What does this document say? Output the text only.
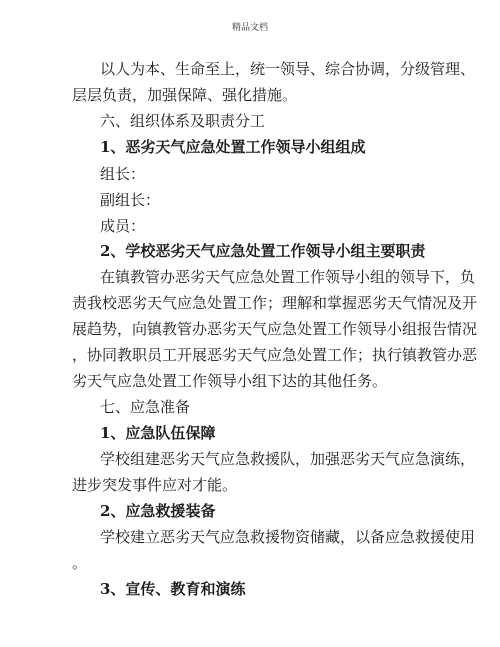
精品文档
以人为本、生命至上，统一领导、综合协调，分级管理、
层层负责，加强保障、强化措施。
六、组织体系及职责分工
1、恶劣天气应急处置工作领导小组组成
组长：
副组长：
成员：
2、学校恶劣天气应急处置工作领导小组主要职责
在镇教管办恶劣天气应急处置工作领导小组的领导下，负
责我校恶劣天气应急处置工作；理解和掌握恶劣天气情况及开
展趋势，向镇教管办恶劣天气应急处置工作领导小组报告情况
，协同教职员工开展恶劣天气应急处置工作；执行镇教管办恶
劣天气应急处置工作领导小组下达的其他任务。
七、应急准备
1、应急队伍保障
学校组建恶劣天气应急救援队，加强恶劣天气应急演练，
进步突发事件应对才能。
2、应急救援装备
学校建立恶劣天气应急救援物资储藏，以备应急救援使用
。
3、宣传、教育和演练
